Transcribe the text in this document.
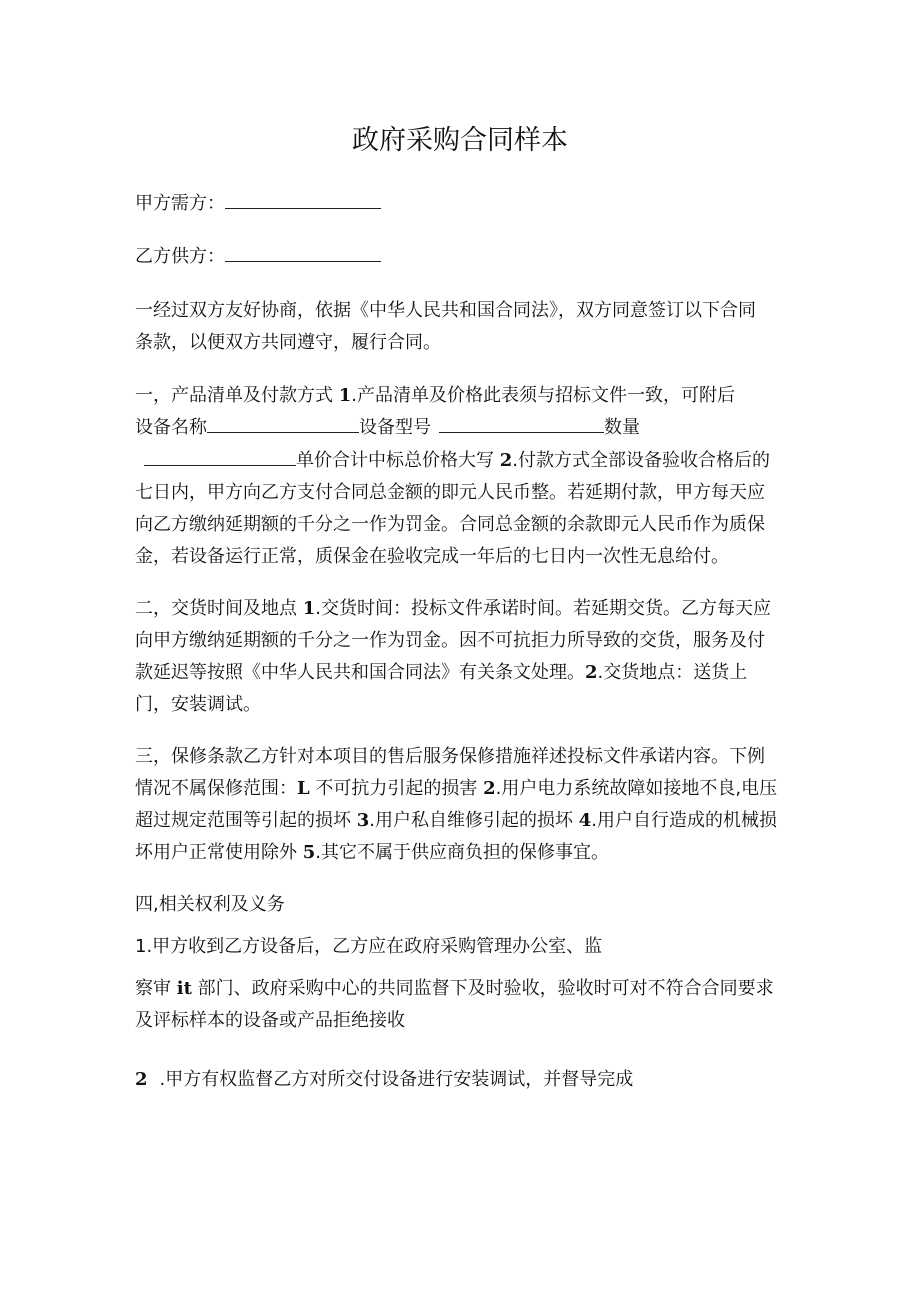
政府采购合同样本
甲方需方：
乙方供方：
一经过双方友好协商，依据《中华人民共和国合同法》，双方同意签订以下合同
条款，以便双方共同遵守，履行合同。
一，产品清单及付款方式 1.产品清单及价格此表须与招标文件一致，可附后
设备名称	设备型号	数量
单价合计中标总价格大写 2.付款方式全部设备验收合格后的
七日内，甲方向乙方支付合同总金额的即元人民币整。若延期付款，甲方每天应
向乙方缴纳延期额的千分之一作为罚金。合同总金额的余款即元人民币作为质保
金，若设备运行正常，质保金在验收完成一年后的七日内一次性无息给付。
二，交货时间及地点 1.交货时间：投标文件承诺时间。若延期交货。乙方每天应
向甲方缴纳延期额的千分之一作为罚金。因不可抗拒力所导致的交货，服务及付
款延迟等按照《中华人民共和国合同法》有关条文处理。2.交货地点：送货上
门，安装调试。
三，保修条款乙方针对本项目的售后服务保修措施祥述投标文件承诺内容。下例
情况不属保修范围：L 不可抗力引起的损害 2.用户电力系统故障如接地不良,电压
超过规定范围等引起的损坏 3.用户私自维修引起的损坏 4.用户自行造成的机械损
坏用户正常使用除外 5.其它不属于供应商负担的保修事宜。
四,相关权利及义务
1.甲方收到乙方设备后，乙方应在政府采购管理办公室、监
察审 it 部门、政府采购中心的共同监督下及时验收，验收时可对不符合合同要求
及评标样本的设备或产品拒绝接收
2 .甲方有权监督乙方对所交付设备进行安装调试，并督导完成
